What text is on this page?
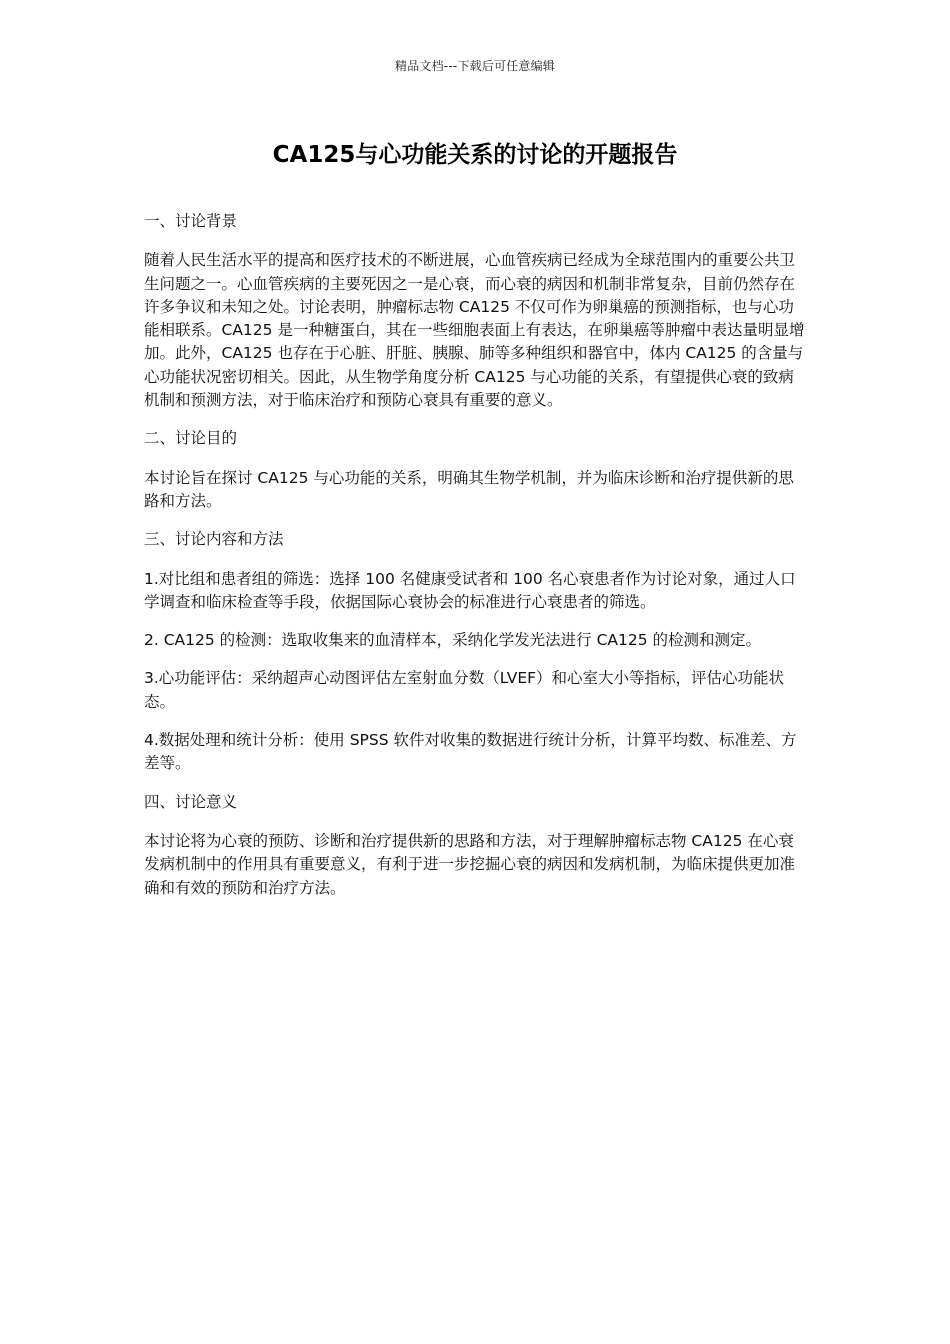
精品文档---下载后可任意编辑
CA125与心功能关系的讨论的开题报告

一、讨论背景

随着人民生活水平的提高和医疗技术的不断进展，心血管疾病已经成为全球范围内的重要公共卫生问题之一。心血管疾病的主要死因之一是心衰，而心衰的病因和机制非常复杂，目前仍然存在许多争议和未知之处。讨论表明，肿瘤标志物 CA125 不仅可作为卵巢癌的预测指标，也与心功能相联系。CA125 是一种糖蛋白，其在一些细胞表面上有表达，在卵巢癌等肿瘤中表达量明显增加。此外，CA125 也存在于心脏、肝脏、胰腺、肺等多种组织和器官中，体内 CA125 的含量与心功能状况密切相关。因此，从生物学角度分析 CA125 与心功能的关系，有望提供心衰的致病机制和预测方法，对于临床治疗和预防心衰具有重要的意义。

二、讨论目的

本讨论旨在探讨 CA125 与心功能的关系，明确其生物学机制，并为临床诊断和治疗提供新的思路和方法。

三、讨论内容和方法

1.对比组和患者组的筛选：选择 100 名健康受试者和 100 名心衰患者作为讨论对象，通过人口学调查和临床检查等手段，依据国际心衰协会的标准进行心衰患者的筛选。

2. CA125 的检测：选取收集来的血清样本，采纳化学发光法进行 CA125 的检测和测定。

3.心功能评估：采纳超声心动图评估左室射血分数（LVEF）和心室大小等指标，评估心功能状态。

4.数据处理和统计分析：使用 SPSS 软件对收集的数据进行统计分析，计算平均数、标准差、方差等。

四、讨论意义

本讨论将为心衰的预防、诊断和治疗提供新的思路和方法，对于理解肿瘤标志物 CA125 在心衰发病机制中的作用具有重要意义，有利于进一步挖掘心衰的病因和发病机制，为临床提供更加准确和有效的预防和治疗方法。
